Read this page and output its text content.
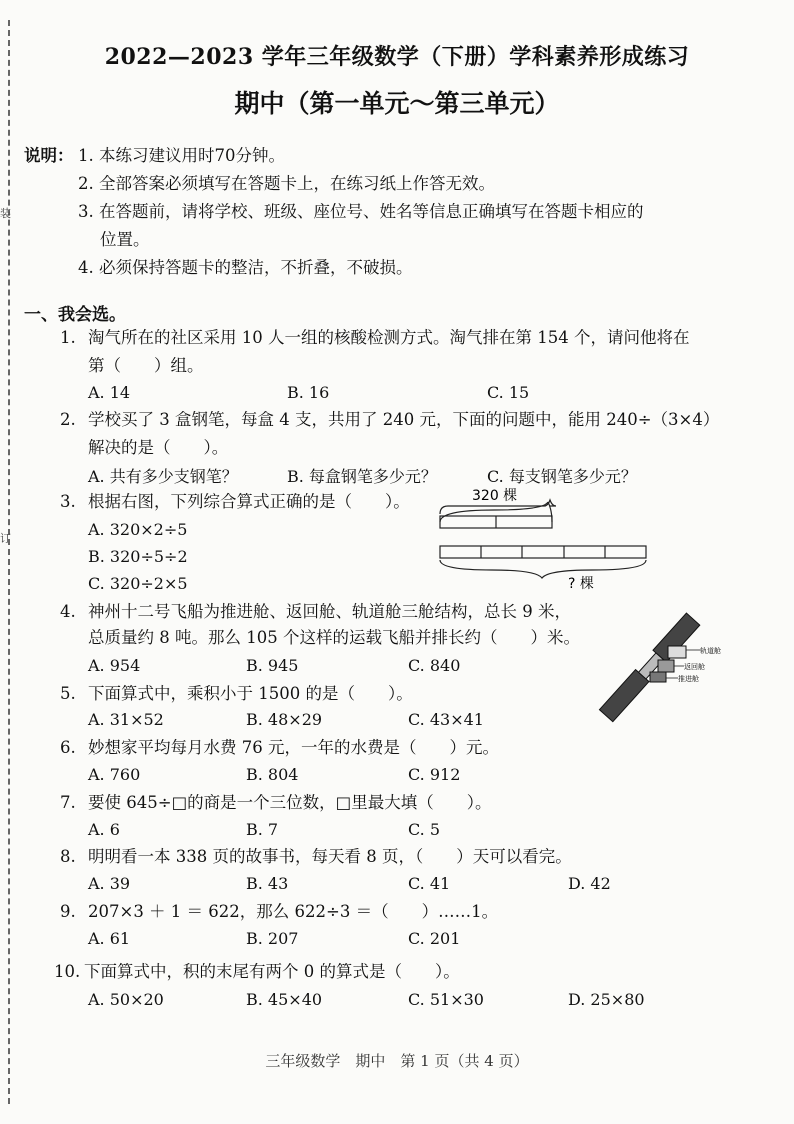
装
订
2022—2023 学年三年级数学（下册）学科素养形成练习
期中（第一单元～第三单元）
说明： 1. 本练习建议用时70分钟。
2. 全部答案必须填写在答题卡上，在练习纸上作答无效。
3. 在答题前，请将学校、班级、座位号、姓名等信息正确填写在答题卡相应的
位置。
4. 必须保持答题卡的整洁，不折叠，不破损。
一、我会选。
1. 淘气所在的社区采用 10 人一组的核酸检测方式。淘气排在第 154 个，请问他将在
第（　　）组。
A. 14	B. 16	C. 15
2. 学校买了 3 盒钢笔，每盒 4 支，共用了 240 元，下面的问题中，能用 240÷（3×4）
解决的是（　　）。
A. 共有多少支钢笔？	B. 每盒钢笔多少元？	C. 每支钢笔多少元？
3. 根据右图，下列综合算式正确的是（　　）。
A. 320×2÷5
B. 320÷5÷2
C. 320÷2×5
320 棵
? 棵
4. 神州十二号飞船为推进舱、返回舱、轨道舱三舱结构，总长 9 米，
总质量约 8 吨。那么 105 个这样的运载飞船并排长约（　　）米。
A. 954	B. 945	C. 840
轨道舱
返回舱
推进舱
5. 下面算式中，乘积小于 1500 的是（　　）。
A. 31×52	B. 48×29	C. 43×41
6. 妙想家平均每月水费 76 元，一年的水费是（　　）元。
A. 760	B. 804	C. 912
7. 要使 645÷□的商是一个三位数，□里最大填（　　）。
A. 6	B. 7	C. 5
8. 明明看一本 338 页的故事书，每天看 8 页，（　　）天可以看完。
A. 39	B. 43	C. 41	D. 42
9. 207×3 ＋ 1 ＝ 622，那么 622÷3 ＝（　　）……1。
A. 61	B. 207	C. 201
10. 下面算式中，积的末尾有两个 0 的算式是（　　）。
A. 50×20	B. 45×40	C. 51×30	D. 25×80
三年级数学　期中　第 1 页（共 4 页）
